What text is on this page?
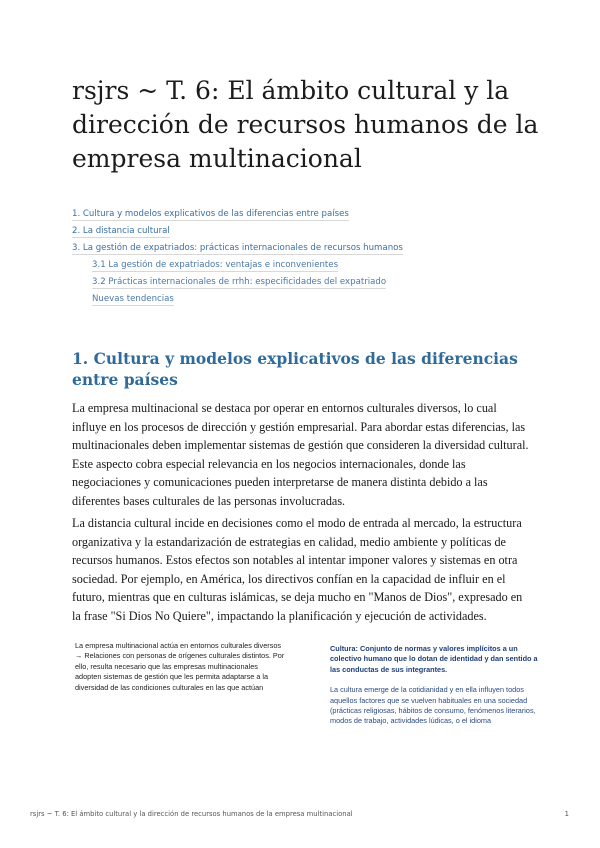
rsjrs ~ T. 6: El ámbito cultural y la dirección de recursos humanos de la empresa multinacional
1. Cultura y modelos explicativos de las diferencias entre países
2. La distancia cultural
3. La gestión de expatriados: prácticas internacionales de recursos humanos
3.1 La gestión de expatriados: ventajas e inconvenientes
3.2 Prácticas internacionales de rrhh: especificidades del expatriado
Nuevas tendencias
1. Cultura y modelos explicativos de las diferencias entre países

La empresa multinacional se destaca por operar en entornos culturales diversos, lo cual influye en los procesos de dirección y gestión empresarial. Para abordar estas diferencias, las multinacionales deben implementar sistemas de gestión que consideren la diversidad cultural. Este aspecto cobra especial relevancia en los negocios internacionales, donde las negociaciones y comunicaciones pueden interpretarse de manera distinta debido a las diferentes bases culturales de las personas involucradas.

La distancia cultural incide en decisiones como el modo de entrada al mercado, la estructura organizativa y la estandarización de estrategias en calidad, medio ambiente y políticas de recursos humanos. Estos efectos son notables al intentar imponer valores y sistemas en otra sociedad. Por ejemplo, en América, los directivos confían en la capacidad de influir en el futuro, mientras que en culturas islámicas, se deja mucho en "Manos de Dios", expresado en la frase "Si Dios No Quiere", impactando la planificación y ejecución de actividades.

La empresa multinacional actúa en entornos culturales diversos → Relaciones con personas de orígenes culturales distintos. Por ello, resulta necesario que las empresas multinacionales adopten sistemas de gestión que les permita adaptarse a la diversidad de las condiciones culturales en las que actúan
Cultura: Conjunto de normas y valores implícitos a un colectivo humano que lo dotan de identidad y dan sentido a las conductas de sus integrantes.
La cultura emerge de la cotidianidad y en ella influyen todos aquellos factores que se vuelven habituales en una sociedad (prácticas religiosas, hábitos de consumo, fenómenos literarios, modos de trabajo, actividades lúdicas, o el idioma
rsjrs ~ T. 6: El ámbito cultural y la dirección de recursos humanos de la empresa multinacional	1
